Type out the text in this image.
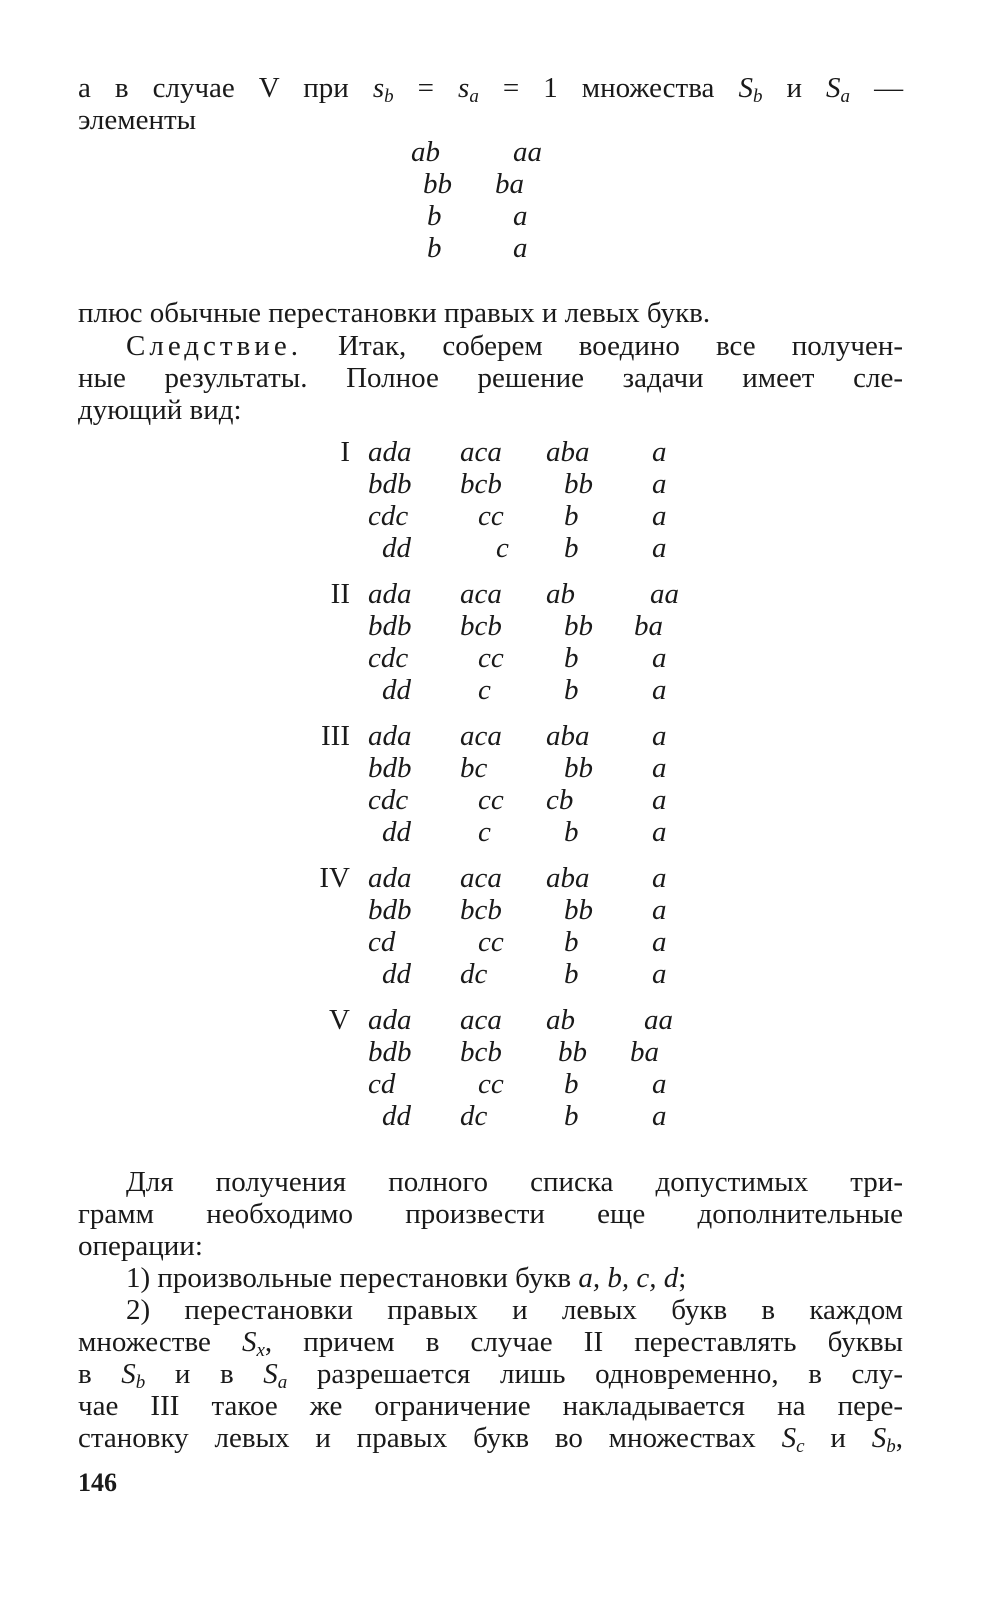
а в случае V при $s_b = s_a = 1$ множества $S_b$ и $S_a$ —
элементы
ab	aa
bb ba
b a
b a
плюс обычные перестановки правых и левых букв.
Следствие. Итак, соберем воедино все получен-
ные результаты. Полное решение задачи имеет сле-
дующий вид:
I ada aca aba a
bdb bcb bb a
cdc cc b	a
dd	c b	a
II ada aca ab	aa
bdb bcb bb ba
cdc cc b	a
dd c	b	a
III ada aca aba a
bdb bc	bb a
cdc cc cb	a
dd c	b	a
IV ada aca aba a
bdb bcb bb a
cd	cc b	a
dd dc	b	a
V ada aca ab aa
bdb bcb bb ba
cd	cc b	a
dd dc	b	a
Для получения полного списка допустимых три-
грамм необходимо произвести еще дополнительные
операции:
1) произвольные перестановки букв a, b, c, d;
2) перестановки правых и левых букв в каждом
множестве $S_x$, причем в случае II переставлять буквы
в $S_b$ и в $S_a$ разрешается лишь одновременно, в слу-
чае III такое же ограничение накладывается на пере-
становку левых и правых букв во множествах $S_c$ и $S_b$,
146
